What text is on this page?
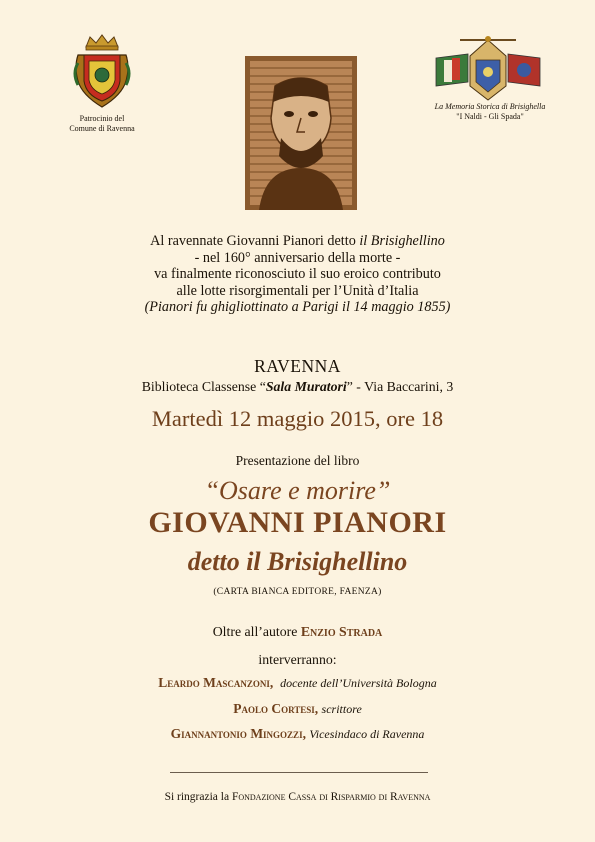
Patrocinio del
Comune di Ravenna
La Memoria Storica di Brisighella
"I Naldi - Gli Spada"
Al ravennate Giovanni Pianori detto il Brisighellino
- nel 160° anniversario della morte -
va finalmente riconosciuto il suo eroico contributo
alle lotte risorgimentali per l’Unità d’Italia
(Pianori fu ghigliottinato a Parigi il 14 maggio 1855)
RAVENNA
Biblioteca Classense “Sala Muratori” - Via Baccarini, 3
Martedì 12 maggio 2015, ore 18
Presentazione del libro
“Osare e morire”
GIOVANNI PIANORI
detto il Brisighellino
(CARTA BIANCA EDITORE, FAENZA)
Oltre all’autore Enzio Strada
interverranno:
Leardo Mascanzoni, docente dell’Università Bologna
Paolo Cortesi, scrittore
Giannantonio Mingozzi, Vicesindaco di Ravenna
Si ringrazia la Fondazione Cassa di Risparmio di Ravenna
